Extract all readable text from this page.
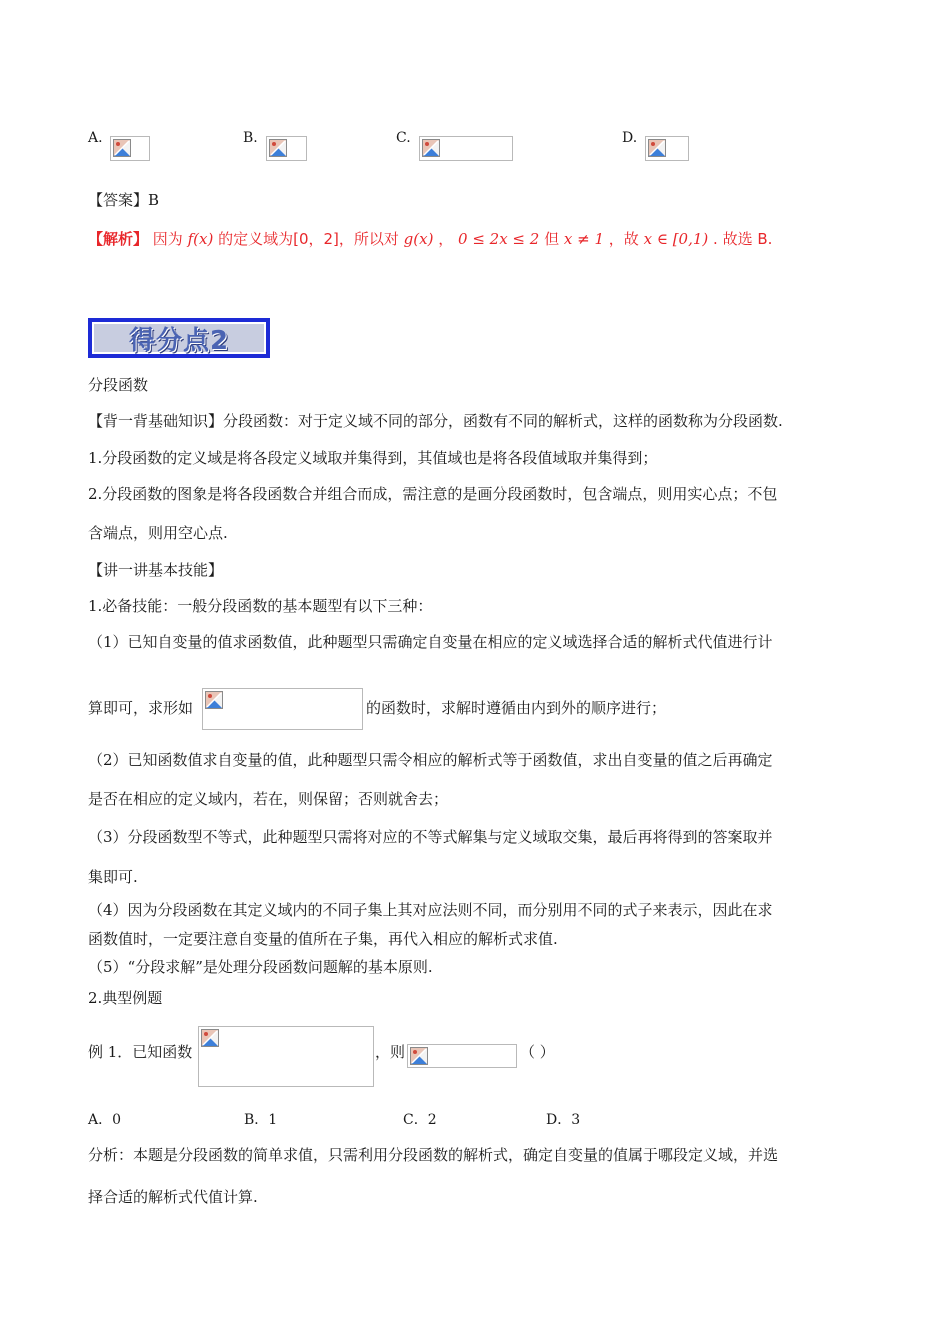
A.	B.	C.	D.
【答案】B
【解析】 因为 f(x) 的定义域为[0，2]，所以对 g(x) ， 0 ≤ 2x ≤ 2 但 x ≠ 1 ，故 x ∈ [0,1) . 故选 B.
得分点2
分段函数
【背一背基础知识】分段函数：对于定义域不同的部分，函数有不同的解析式，这样的函数称为分段函数.
1.分段函数的定义域是将各段定义域取并集得到，其值域也是将各段值域取并集得到；
2.分段函数的图象是将各段函数合并组合而成，需注意的是画分段函数时，包含端点，则用实心点；不包
含端点，则用空心点.
【讲一讲基本技能】
1.必备技能：一般分段函数的基本题型有以下三种：
（1）已知自变量的值求函数值，此种题型只需确定自变量在相应的定义域选择合适的解析式代值进行计
算即可，求形如	的函数时，求解时遵循由内到外的顺序进行；
（2）已知函数值求自变量的值，此种题型只需令相应的解析式等于函数值，求出自变量的值之后再确定
是否在相应的定义域内，若在，则保留；否则就舍去；
（3）分段函数型不等式，此种题型只需将对应的不等式解集与定义域取交集，最后再将得到的答案取并
集即可.
（4）因为分段函数在其定义域内的不同子集上其对应法则不同，而分别用不同的式子来表示，因此在求
函数值时，一定要注意自变量的值所在子集，再代入相应的解析式求值.
（5）“分段求解”是处理分段函数问题解的基本原则.
2.典型例题
例 1．已知函数	，则	（ ）
A．0	B．1	C．2	D．3
分析：本题是分段函数的简单求值，只需利用分段函数的解析式，确定自变量的值属于哪段定义域，并选
择合适的解析式代值计算.
